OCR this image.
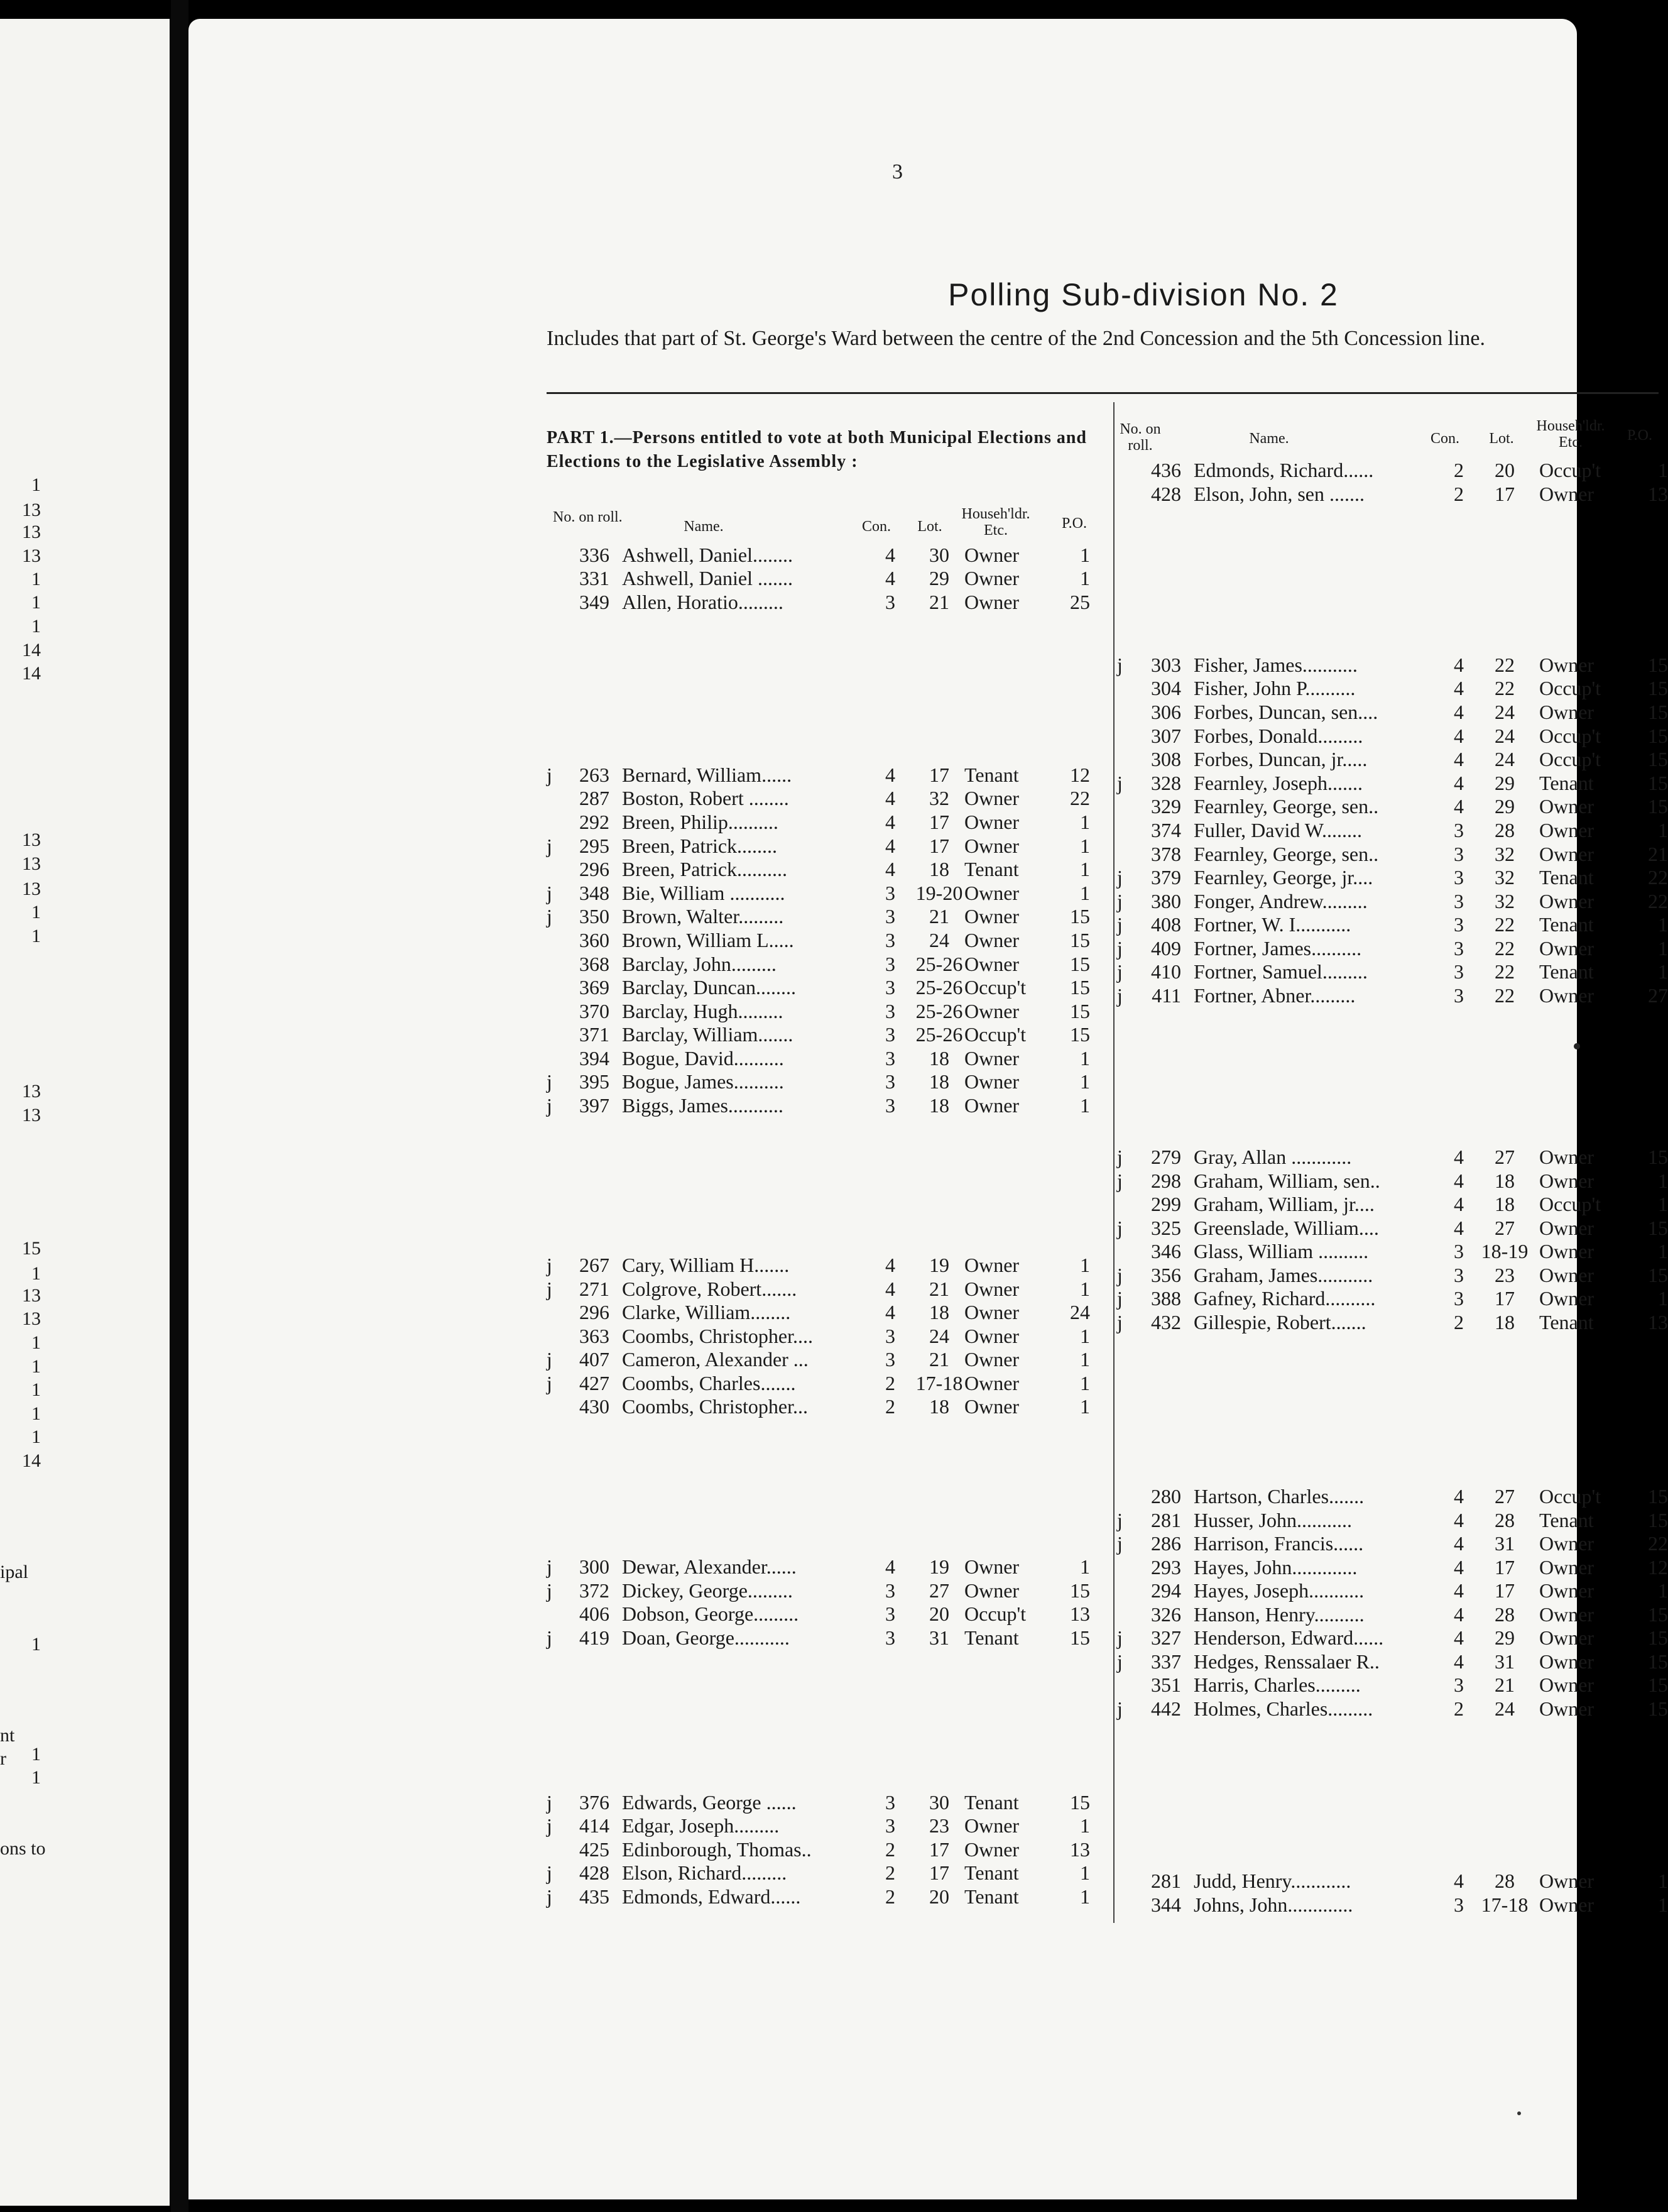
1
13
13
13
1
1
1
14
14
13
13
13
1
1
13
13
15
1
13
13
1
1
1
1
1
14
1
1
1
ipal
nt
r
ons to
3
Polling Sub-division No. 2
Includes that part of St. George's Ward between the centre of the 2nd Concession and the 5th Concession line.
PART 1.—Persons entitled to vote at both Municipal Elections and Elections to the Legislative Assembly :
No. on roll.
Name.	Con.	Lot.
Househ'ldr. Etc.	P.O.
No. on roll.	Name.	Con.	Lot.
Househ'ldr. Etc.	P.O.
336 Ashwell, Daniel........	4	30 Owner	1
331 Ashwell, Daniel .......	4	29 Owner	1
349 Allen, Horatio.........	3	21 Owner	25
j	263 Bernard, William......	4	17 Tenant	12
287 Boston, Robert ........	4	32 Owner	22
292 Breen, Philip..........	4	17 Owner	1
j	295 Breen, Patrick........	4	17 Owner	1
296 Breen, Patrick..........	4	18 Tenant	1
j	348 Bie, William ...........	3	19-20 Owner	1
j	350 Brown, Walter.........	3	21 Owner	15
360 Brown, William L.....	3	24 Owner	15
368 Barclay, John.........	3	25-26 Owner	15
369 Barclay, Duncan........	3	25-26 Occup't	15
370 Barclay, Hugh.........	3	25-26 Owner	15
371 Barclay, William.......	3	25-26 Occup't	15
394 Bogue, David..........	3	18 Owner	1
j	395 Bogue, James..........	3	18 Owner	1
j	397 Biggs, James...........	3	18 Owner	1
j	267 Cary, William H.......	4	19 Owner	1
j	271 Colgrove, Robert.......	4	21 Owner	1
296 Clarke, William........	4	18 Owner	24
363 Coombs, Christopher....	3	24 Owner	1
j	407 Cameron, Alexander ...	3	21 Owner	1
j	427 Coombs, Charles.......	2	17-18 Owner	1
430 Coombs, Christopher...	2	18 Owner	1
j	300 Dewar, Alexander......	4	19 Owner	1
j	372 Dickey, George.........	3	27 Owner	15
406 Dobson, George.........	3	20 Occup't	13
j	419 Doan, George...........	3	31 Tenant	15
j	376 Edwards, George ......	3	30 Tenant	15
j	414 Edgar, Joseph.........	3	23 Owner	1
425 Edinborough, Thomas..	2	17 Owner	13
j	428 Elson, Richard.........	2	17 Tenant	1
j	435 Edmonds, Edward......	2	20 Tenant	1
436 Edmonds, Richard......	2	20	Occup't	1
428 Elson, John, sen .......	2	17	Owner	13
j	303 Fisher, James...........	4	22	Owner	15
304 Fisher, John P..........	4	22	Occup't	15
306 Forbes, Duncan, sen....	4	24	Owner	15
307 Forbes, Donald.........	4	24	Occup't	15
308 Forbes, Duncan, jr.....	4	24	Occup't	15
j	328 Fearnley, Joseph.......	4	29	Tenant	15
329 Fearnley, George, sen..	4	29	Owner	15
374 Fuller, David W........	3	28	Owner	1
378 Fearnley, George, sen..	3	32	Owner	21
j	379 Fearnley, George, jr....	3	32	Tenant	22
j	380 Fonger, Andrew.........	3	32	Owner	22
j	408 Fortner, W. I...........	3	22	Tenant	1
j	409 Fortner, James..........	3	22	Owner	1
j	410 Fortner, Samuel.........	3	22	Tenant	1
j	411 Fortner, Abner.........	3	22	Owner	27
j	279 Gray, Allan ............	4	27	Owner	15
j	298 Graham, William, sen..	4	18	Owner	1
299 Graham, William, jr....	4	18	Occup't	1
j	325 Greenslade, William....	4	27	Owner	15
346 Glass, William ..........	3 18-19 Owner	1
j	356 Graham, James...........	3	23	Owner	15
j	388 Gafney, Richard..........	3	17	Owner	1
j	432 Gillespie, Robert.......	2	18	Tenant	13
280 Hartson, Charles.......	4	27	Occup't	15
j	281 Husser, John...........	4	28	Tenant	15
j	286 Harrison, Francis......	4	31	Owner	22
293 Hayes, John.............	4	17	Owner	12
294 Hayes, Joseph...........	4	17	Owner	1
326 Hanson, Henry..........	4	28	Owner	15
j	327 Henderson, Edward......	4	29	Owner	15
j	337 Hedges, Renssalaer R..	4	31	Owner	15
351 Harris, Charles.........	3	21	Owner	15
j	442 Holmes, Charles.........	2	24	Owner	15
281 Judd, Henry............	4	28	Owner	1
344 Johns, John.............	3 17-18 Owner	1
